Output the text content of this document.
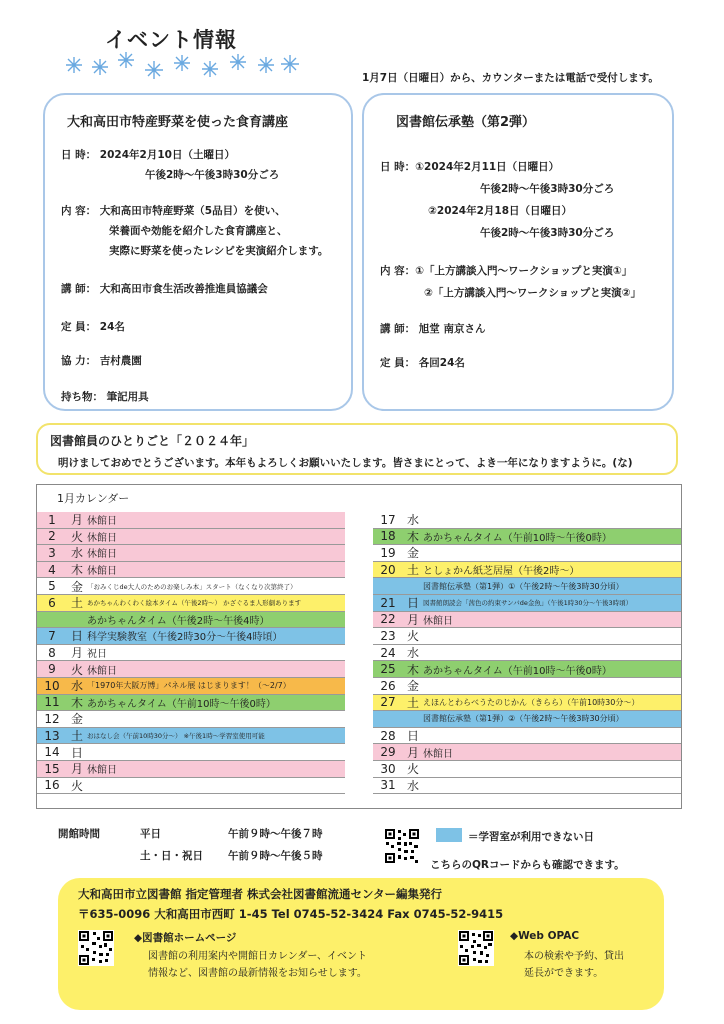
イベント情報
1月7日（日曜日）から、カウンターまたは電話で受付します。
大和高田市特産野菜を使った食育講座
日 時： 2024年2月10日（土曜日）
午後2時～午後3時30分ごろ
内 容： 大和高田市特産野菜（5品目）を使い、
栄養面や効能を紹介した食育講座と、
実際に野菜を使ったレシピを実演紹介します。
講 師： 大和高田市食生活改善推進員協議会
定 員： 24名
協 力： 吉村農園
持ち物： 筆記用具
図書館伝承塾（第2弾）
日 時：①2024年2月11日（日曜日）
午後2時～午後3時30分ごろ
②2024年2月18日（日曜日）
午後2時～午後3時30分ごろ
内 容：①「上方講談入門～ワークショップと実演①」
②「上方講談入門～ワークショップと実演②」
講 師： 旭堂 南京さん
定 員： 各回24名
図書館員のひとりごと「２０２４年」
明けましておめでとうございます。本年もよろしくお願いいたします。皆さまにとって、よき一年になりますように。(な)
1月カレンダー
1	月 休館日
2	火 休館日
3	水 休館日
4	木 休館日
5	金 「おみくじde大人のためのお楽しみ本」スタート（なくなり次第終了）
6	土 あかちゃんわくわく絵本タイム（午後2時～） かざぐるま人形劇あります
あかちゃんタイム（午後2時～午後4時）
7	日 科学実験教室（午後2時30分～午後4時頃）
8	月 祝日
9	火 休館日
10 水 「1970年大阪万博」パネル展 はじまります！（～2/7）
11 木 あかちゃんタイム（午前10時～午後0時）
12 金
13 土 おはなし会（午前10時30分～） ※午後1時～学習室使用可能
14 日
15 月 休館日
16 火
17 水
18 木 あかちゃんタイム（午前10時～午後0時）
19 金
20 土 としょかん紙芝居屋（午後2時～）
図書館伝承塾（第1弾）①（午後2時～午後3時30分頃）
21 日 図書館朗読会「茜色の約束サンバde金魚」（午後1時30分～午後3時頃）
22 月 休館日
23 火
24 水
25 木 あかちゃんタイム（午前10時～午後0時）
26 金
27 土 えほんとわらべうたのじかん（きらら）（午前10時30分～）
図書館伝承塾（第1弾）②（午後2時～午後3時30分頃）
28 日
29 月 休館日
30 火
31 水
開館時間	平日	午前９時～午後７時
土・日・祝日 午前９時～午後５時
＝学習室が利用できない日
こちらのQRコードからも確認できます。
大和高田市立図書館 指定管理者 株式会社図書館流通センター編集発行
〒635-0096 大和高田市西町 1-45 Tel 0745-52-3424 Fax 0745-52-9415
◆図書館ホームページ
図書館の利用案内や開館日カレンダー、イベント
情報など、図書館の最新情報をお知らせします。
◆Web OPAC
本の検索や予約、貸出
延長ができます。
